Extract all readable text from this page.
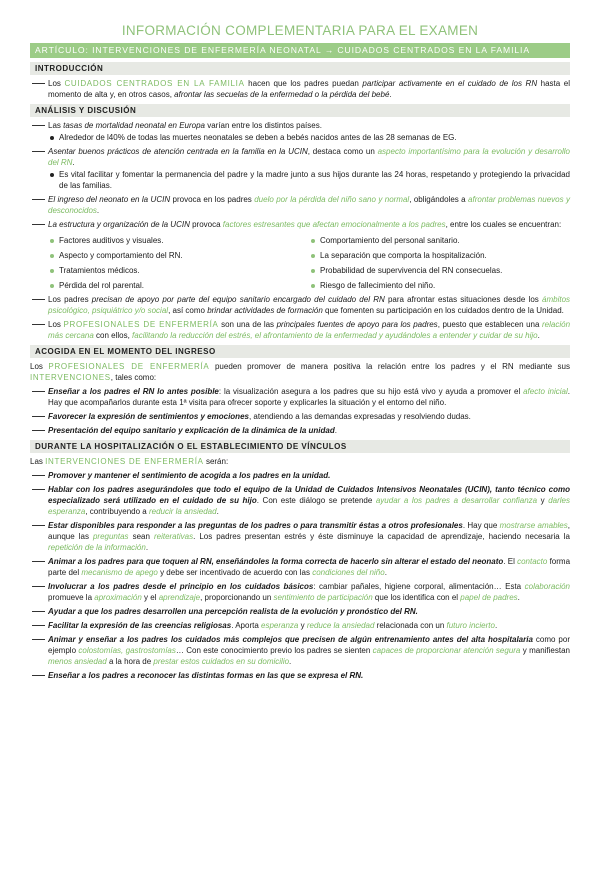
INFORMACIÓN COMPLEMENTARIA PARA EL EXAMEN
ARTÍCULO: INTERVENCIONES DE ENFERMERÍA NEONATAL → CUIDADOS CENTRADOS EN LA FAMILIA
INTRODUCCIÓN

Los CUIDADOS CENTRADOS EN LA FAMILIA hacen que los padres puedan participar activamente en el cuidado de los RN hasta el momento de alta y, en otros casos, afrontar las secuelas de la enfermedad o la pérdida del bebé.

ANÁLISIS Y DISCUSIÓN

Las tasas de mortalidad neonatal en Europa varían entre los distintos países.

Alrededor de l40% de todas las muertes neonatales se deben a bebés nacidos antes de las 28 semanas de EG.

Asentar buenos prácticos de atención centrada en la familia en la UCIN, destaca como un aspecto importantísimo para la evolución y desarrollo del RN.

Es vital facilitar y fomentar la permanencia del padre y la madre junto a sus hijos durante las 24 horas, respetando y protegiendo la privacidad de las familias.

El ingreso del neonato en la UCIN provoca en los padres duelo por la pérdida del niño sano y normal, obligándoles a afrontar problemas nuevos y desconocidos.

La estructura y organización de la UCIN provoca factores estresantes que afectan emocionalmente a los padres, entre los cuales se encuentran:

Factores auditivos y visuales.
Aspecto y comportamiento del RN.
Tratamientos médicos.
Pérdida del rol parental.
Comportamiento del personal sanitario.
La separación que comporta la hospitalización.
Probabilidad de supervivencia del RN consecuelas.
Riesgo de fallecimiento del niño.

Los padres precisan de apoyo por parte del equipo sanitario encargado del cuidado del RN para afrontar estas situaciones desde los ámbitos psicológico, psiquiátrico y/o social, así como brindar actividades de formación que fomenten su participación en los cuidados dentro de la Unidad.

Los PROFESIONALES DE ENFERMERÍA son una de las principales fuentes de apoyo para los padres, puesto que establecen una relación más cercana con ellos, facilitando la reducción del estrés, el afrontamiento de la enfermedad y ayudándoles a entender y cuidar de su hijo.

ACOGIDA EN EL MOMENTO DEL INGRESO

Los PROFESIONALES DE ENFERMERÍA pueden promover de manera positiva la relación entre los padres y el RN mediante sus INTERVENCIONES, tales como:

Enseñar a los padres el RN lo antes posible: la visualización asegura a los padres que su hijo está vivo y ayuda a promover el afecto inicial. Hay que acompañarlos durante esta 1ª visita para ofrecer soporte y explicarles la situación y el entorno del niño.

Favorecer la expresión de sentimientos y emociones, atendiendo a las demandas expresadas y resolviendo dudas.

Presentación del equipo sanitario y explicación de la dinámica de la unidad.

DURANTE LA HOSPITALIZACIÓN O EL ESTABLECIMIENTO DE VÍNCULOS

Las INTERVENCIONES DE ENFERMERÍA serán:

Promover y mantener el sentimiento de acogida a los padres en la unidad.

Hablar con los padres asegurándoles que todo el equipo de la Unidad de Cuidados Intensivos Neonatales (UCIN), tanto técnico como especializado será utilizado en el cuidado de su hijo. Con este diálogo se pretende ayudar a los padres a desarrollar confianza y darles esperanza, contribuyendo a reducir la ansiedad.

Estar disponibles para responder a las preguntas de los padres o para transmitir éstas a otros profesionales. Hay que mostrarse amables, aunque las preguntas sean reiterativas. Los padres presentan estrés y éste disminuye la capacidad de aprendizaje, haciendo necesaria la repetición de la información.

Animar a los padres para que toquen al RN, enseñándoles la forma correcta de hacerlo sin alterar el estado del neonato. El contacto forma parte del mecanismo de apego y debe ser incentivado de acuerdo con las condiciones del niño.

Involucrar a los padres desde el principio en los cuidados básicos: cambiar pañales, higiene corporal, alimentación… Esta colaboración promueve la aproximación y el aprendizaje, proporcionando un sentimiento de participación que los identifica con el papel de padres.

Ayudar a que los padres desarrollen una percepción realista de la evolución y pronóstico del RN.

Facilitar la expresión de las creencias religiosas. Aporta esperanza y reduce la ansiedad relacionada con un futuro incierto.

Animar y enseñar a los padres los cuidados más complejos que precisen de algún entrenamiento antes del alta hospitalaria como por ejemplo colostomías, gastrostomías… Con este conocimiento previo los padres se sienten capaces de proporcionar atención segura y manifiestan menos ansiedad a la hora de prestar estos cuidados en su domicilio.

Enseñar a los padres a reconocer las distintas formas en las que se expresa el RN.
